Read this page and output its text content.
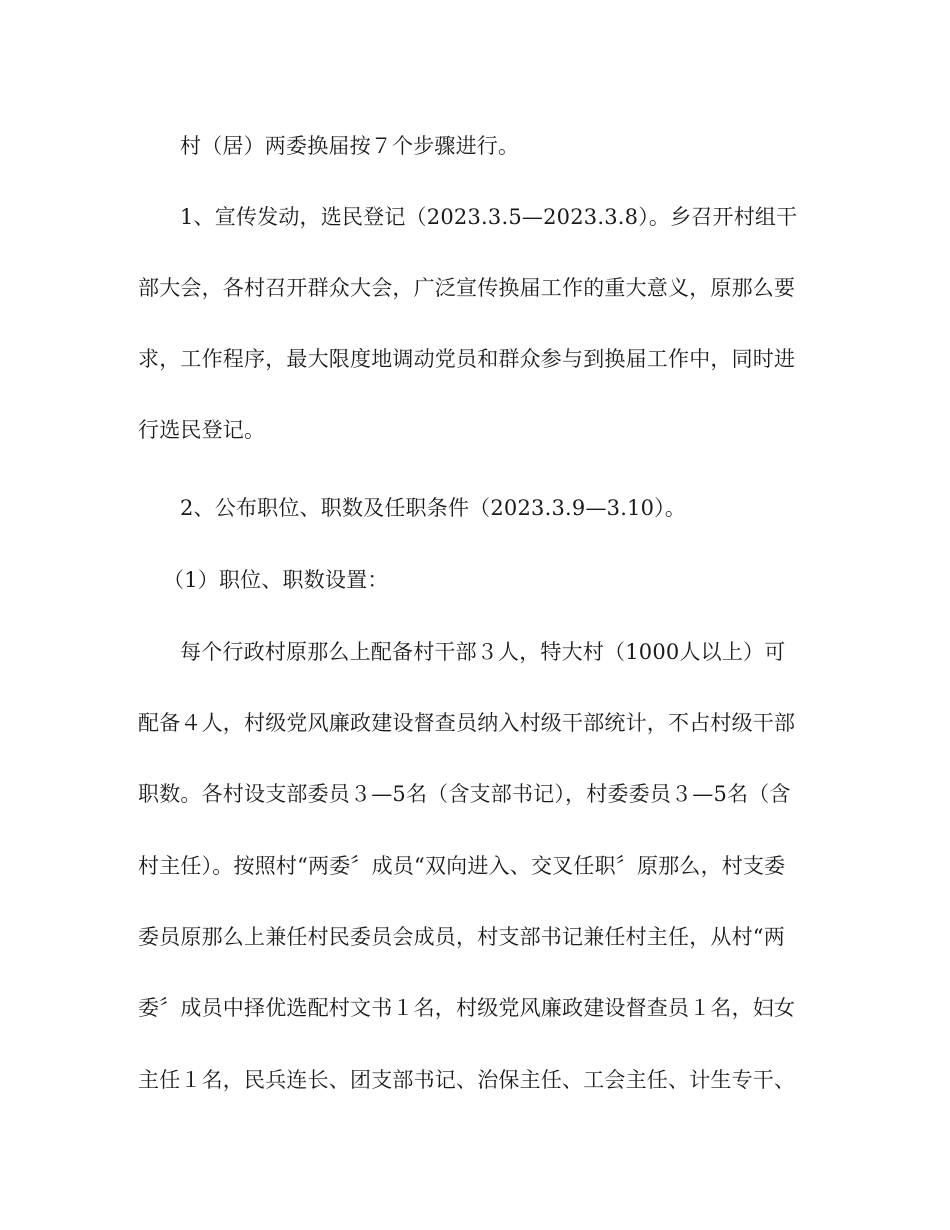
村（居）两委换届按７个步骤进行。
1、宣传发动，选民登记（2023.3.5—2023.3.8）。乡召开村组干
部大会，各村召开群众大会，广泛宣传换届工作的重大意义，原那么要
求，工作程序，最大限度地调动党员和群众参与到换届工作中，同时进
行选民登记。
2、公布职位、职数及任职条件（2023.3.9—3.10）。
（1）职位、职数设置：
每个行政村原那么上配备村干部３人，特大村（1000人以上）可
配备４人，村级党风廉政建设督查员纳入村级干部统计，不占村级干部
职数。各村设支部委员３—5名（含支部书记），村委委员３—5名（含
村主任）。按照村“两委〞成员“双向进入、交叉任职〞原那么，村支委
委员原那么上兼任村民委员会成员，村支部书记兼任村主任，从村“两
委〞成员中择优选配村文书１名，村级党风廉政建设督查员１名，妇女
主任１名，民兵连长、团支部书记、治保主任、工会主任、计生专干、
